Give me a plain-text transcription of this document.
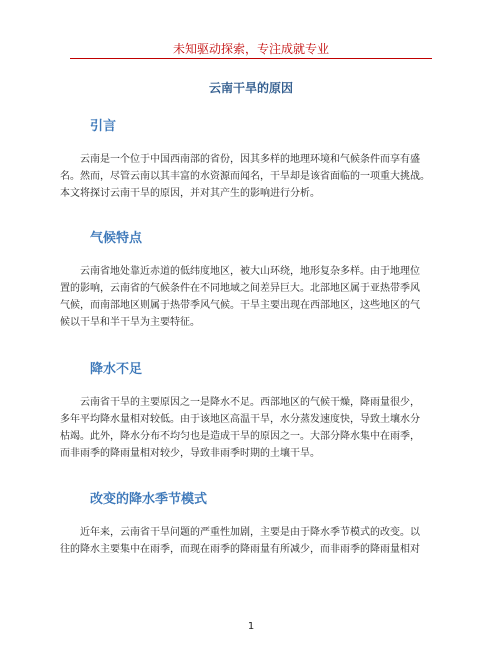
未知驱动探索，专注成就专业
云南干旱的原因
引言
　　云南是一个位于中国西南部的省份，因其多样的地理环境和气候条件而享有盛
名。然而，尽管云南以其丰富的水资源而闻名，干旱却是该省面临的一项重大挑战。
本文将探讨云南干旱的原因，并对其产生的影响进行分析。
气候特点
　　云南省地处靠近赤道的低纬度地区，被大山环绕，地形复杂多样。由于地理位
置的影响，云南省的气候条件在不同地域之间差异巨大。北部地区属于亚热带季风
气候，而南部地区则属于热带季风气候。干旱主要出现在西部地区，这些地区的气
候以干旱和半干旱为主要特征。
降水不足
　　云南省干旱的主要原因之一是降水不足。西部地区的气候干燥，降雨量很少，
多年平均降水量相对较低。由于该地区高温干旱，水分蒸发速度快，导致土壤水分
枯竭。此外，降水分布不均匀也是造成干旱的原因之一。大部分降水集中在雨季，
而非雨季的降雨量相对较少，导致非雨季时期的土壤干旱。
改变的降水季节模式
　　近年来，云南省干旱问题的严重性加剧，主要是由于降水季节模式的改变。以
往的降水主要集中在雨季，而现在雨季的降雨量有所减少，而非雨季的降雨量相对
1
